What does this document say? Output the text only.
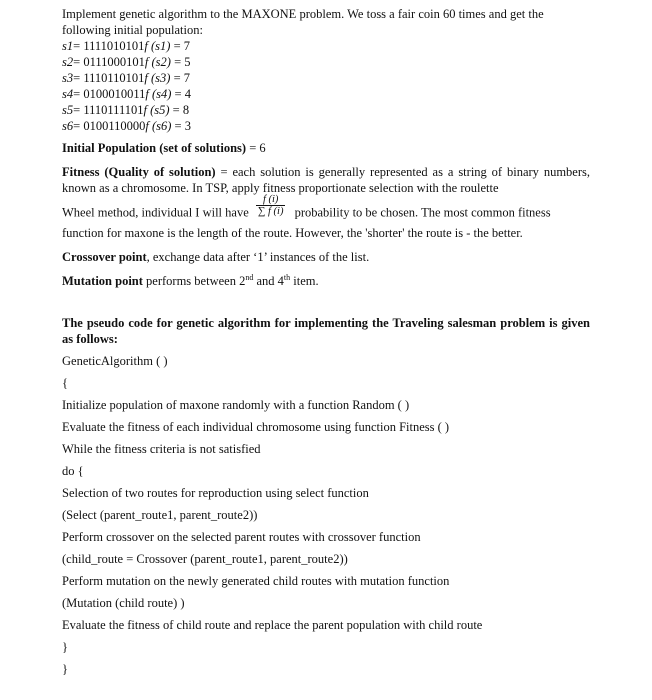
Implement genetic algorithm to the MAXONE problem. We toss a fair coin 60 times and get the
following initial population:
s1= 1111010101f (s1) = 7
s2= 0111000101f (s2) = 5
s3= 1110110101f (s3) = 7
s4= 0100010011f (s4) = 4
s5= 1110111101f (s5) = 8
s6= 0100110000f (s6) = 3
Initial Population (set of solutions) = 6
Fitness (Quality of solution) = each solution is generally represented as a string of binary numbers, known as a chromosome. In TSP, apply fitness proportionate selection with the roulette
Wheel method, individual I will have $\frac{f (i)}{\sum f (i)}$ probability to be chosen. The most common fitness
function for maxone is the length of the route. However, the 'shorter' the route is - the better.
Crossover point, exchange data after ‘1’ instances of the list.
Mutation point performs between 2nd and 4th item.
The pseudo code for genetic algorithm for implementing the Traveling salesman problem is given as follows:
GeneticAlgorithm ( )
{
Initialize population of maxone randomly with a function Random ( )
Evaluate the fitness of each individual chromosome using function Fitness ( )
While the fitness criteria is not satisfied
do {
Selection of two routes for reproduction using select function
(Select (parent_route1, parent_route2))
Perform crossover on the selected parent routes with crossover function
(child_route = Crossover (parent_route1, parent_route2))
Perform mutation on the newly generated child routes with mutation function
(Mutation (child route) )
Evaluate the fitness of child route and replace the parent population with child route
}
}
